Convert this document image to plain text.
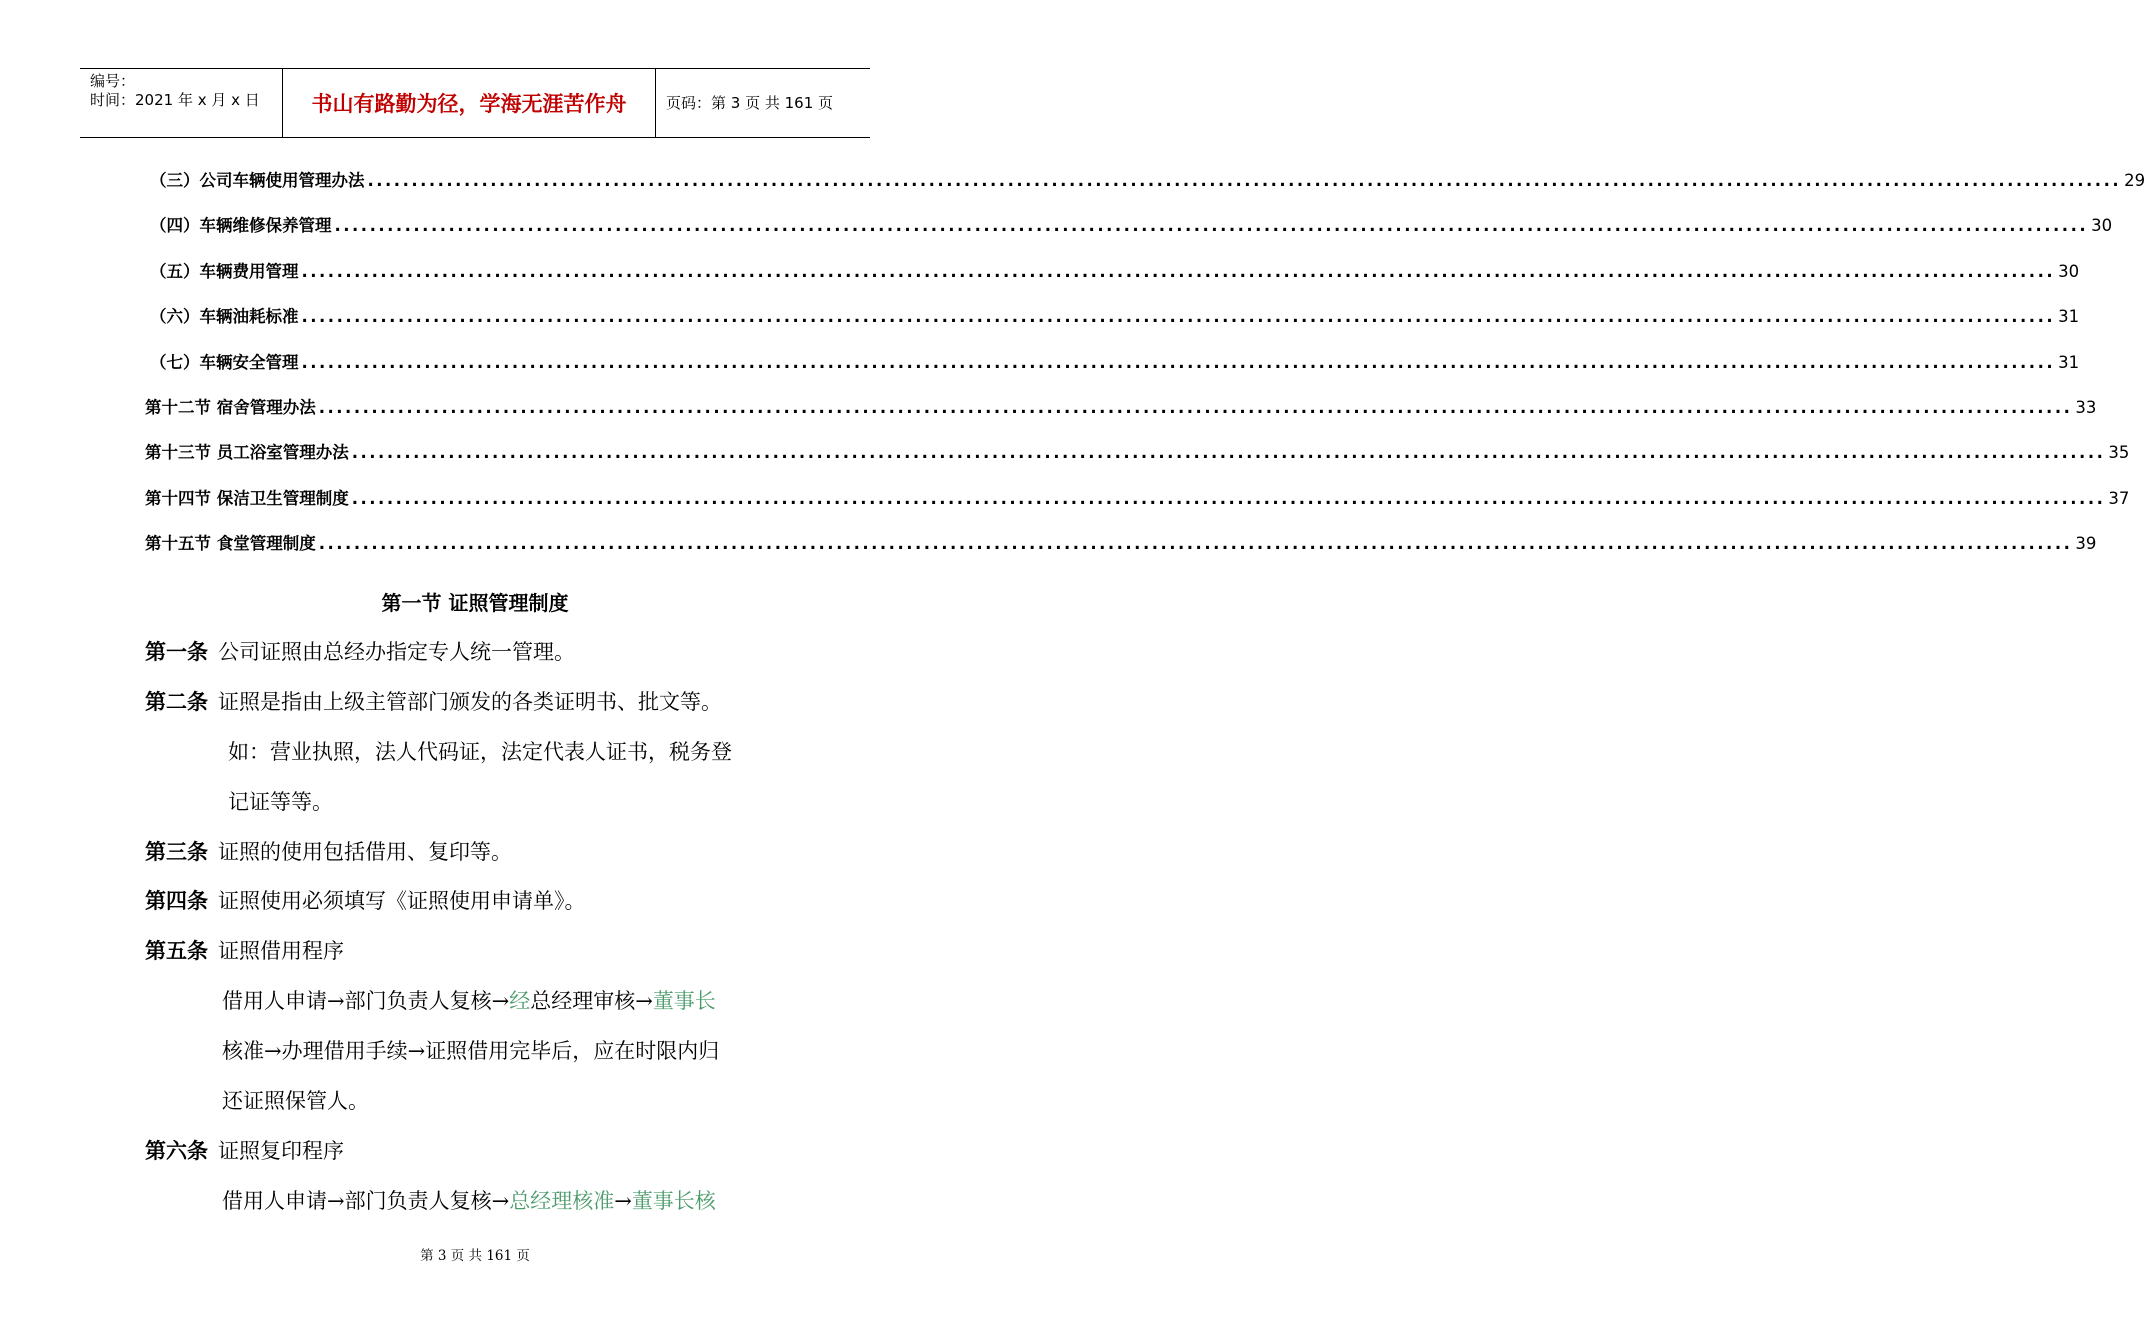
编号：
时间：2021 年 x 月 x 日	书山有路勤为径，学海无涯苦作舟	页码：第 3 页 共 161 页
（三）公司车辆使用管理办法 ........................................................................................................................................................................................................ 29
（四）车辆维修保养管理 ........................................................................................................................................................................................................ 30
（五）车辆费用管理 ........................................................................................................................................................................................................ 30
（六）车辆油耗标准 ........................................................................................................................................................................................................ 31
（七）车辆安全管理 ........................................................................................................................................................................................................ 31
第十二节 宿舍管理办法 ........................................................................................................................................................................................................ 33
第十三节 员工浴室管理办法 ........................................................................................................................................................................................................ 35
第十四节 保洁卫生管理制度 ........................................................................................................................................................................................................ 37
第十五节 食堂管理制度 ........................................................................................................................................................................................................ 39
第一节 证照管理制度
第一条 公司证照由总经办指定专人统一管理。
第二条 证照是指由上级主管部门颁发的各类证明书、批文等。
如：营业执照，法人代码证，法定代表人证书，税务登
记证等等。
第三条 证照的使用包括借用、复印等。
第四条 证照使用必须填写《证照使用申请单》。
第五条 证照借用程序
借用人申请→部门负责人复核→经总经理审核→董事长
核准→办理借用手续→证照借用完毕后，应在时限内归
还证照保管人。
第六条 证照复印程序
借用人申请→部门负责人复核→总经理核准→董事长核
第 3 页 共 161 页
